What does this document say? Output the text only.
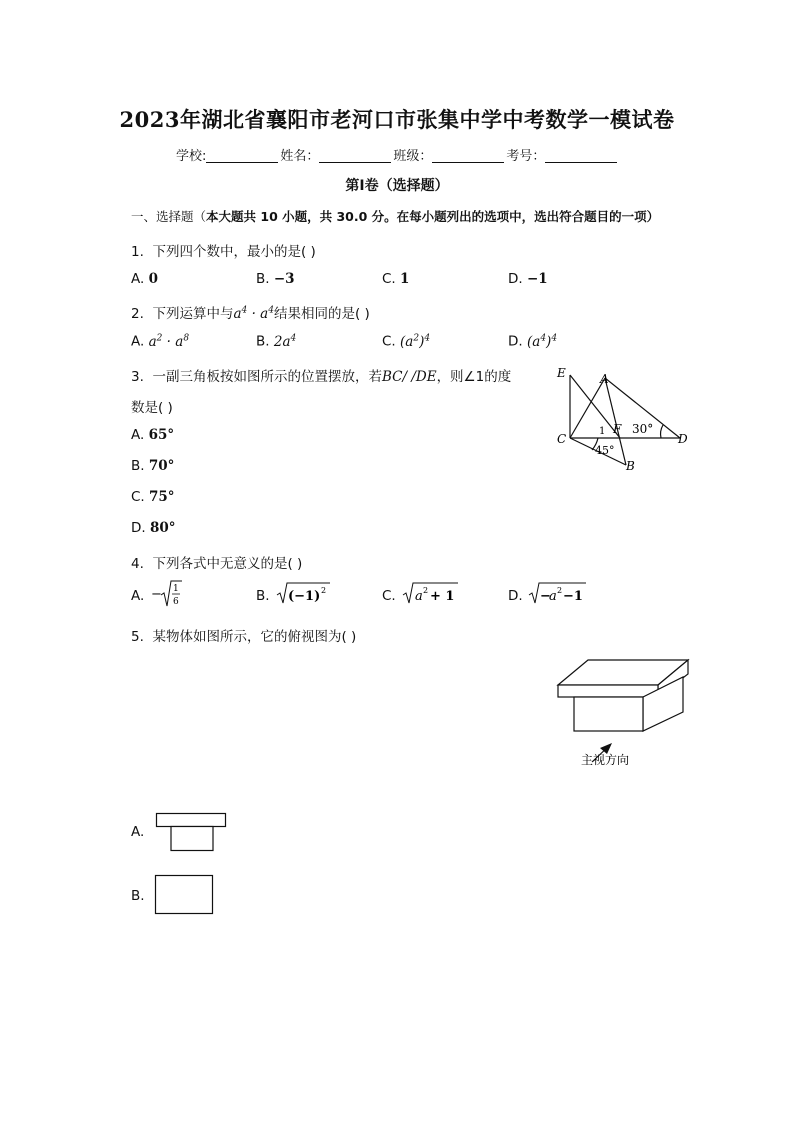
2023年湖北省襄阳市老河口市张集中学中考数学一模试卷
学校:	姓名：	班级：	考号：
第I卷（选择题）
一、选择题（本大题共 10 小题，共 30.0 分。在每小题列出的选项中，选出符合题目的一项）
1. 下列四个数中，最小的是( )
A. 0	B. −3	C. 1	D. −1
2. 下列运算中与$a^4 \cdot a^4$结果相同的是( )
A. $a^2 \cdot a^8$	B. $2a^4$	C. $(a^2)^4$	D. $(a^4)^4$
3. 一副三角板按如图所示的位置摆放，若BC/ /DE，则∠1的度
数是( )
A. 65°
B. 70°
C. 75°
D. 80°
E	A
C
1 F 30°
D
45°
B
4. 下列各式中无意义的是( )
A. − 1
6	B. (−1) 2	C. a 2 + 1	D. −
a 2 −1
5. 某物体如图所示，它的俯视图为( )
主视方向
A.
B.
